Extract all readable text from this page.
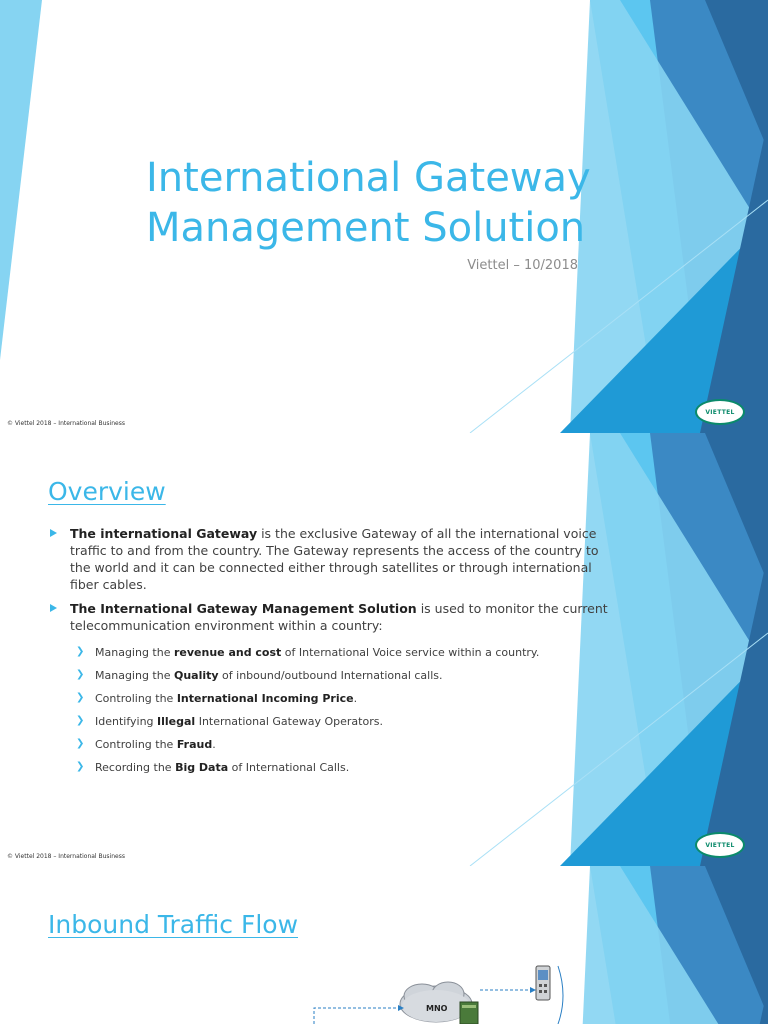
International Gateway
Management Solution
Viettel – 10/2018
© Viettel 2018 – International Business
VIETTEL
Overview
The international Gateway is the exclusive Gateway of all the international voice traffic to and from the country. The Gateway represents the access of the country to the world and it can be connected either through satellites or through international fiber cables.
The International Gateway Management Solution is used to monitor the current telecommunication environment within a country:
❯ Managing the revenue and cost of International Voice service within a country.
❯ Managing the Quality of inbound/outbound International calls.
❯ Controling the International Incoming Price.
❯ Identifying Illegal International Gateway Operators.
❯ Controling the Fraud.
❯ Recording the Big Data of International Calls.
© Viettel 2018 – International Business
VIETTEL
Inbound Traffic Flow
MNO
